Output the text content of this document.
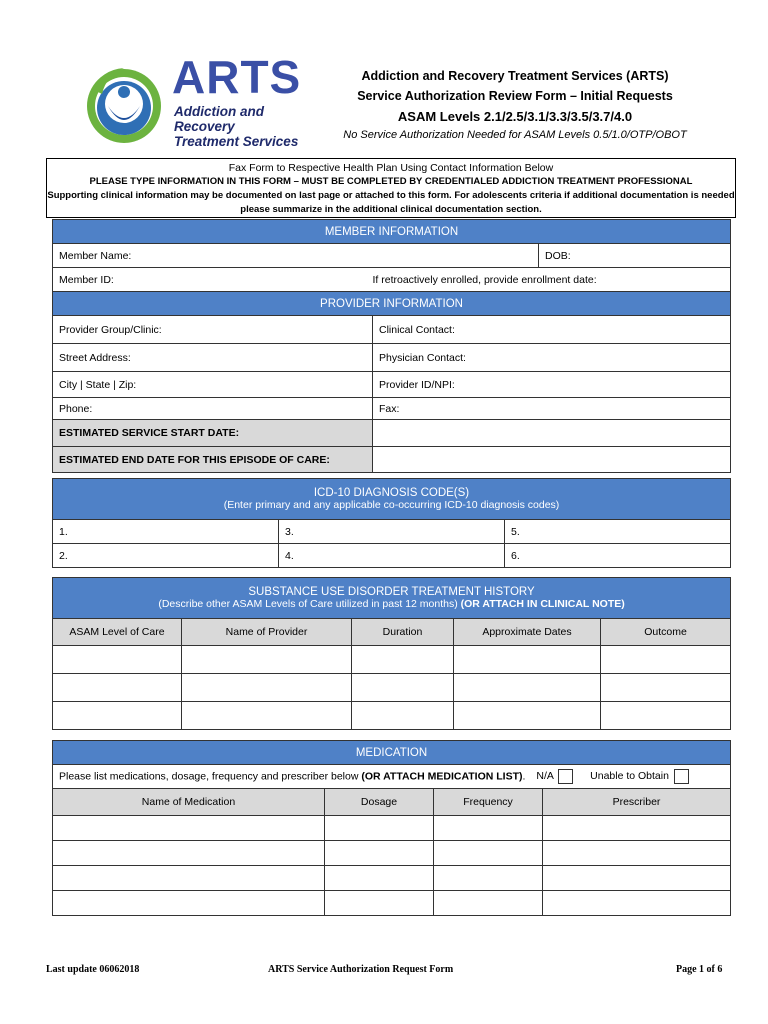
ARTS
Addiction and Recovery
Treatment Services
Addiction and Recovery Treatment Services (ARTS)
Service Authorization Review Form – Initial Requests
ASAM Levels 2.1/2.5/3.1/3.3/3.5/3.7/4.0
No Service Authorization Needed for ASAM Levels 0.5/1.0/OTP/OBOT
Fax Form to Respective Health Plan Using Contact Information Below
PLEASE TYPE INFORMATION IN THIS FORM – MUST BE COMPLETED BY CREDENTIALED ADDICTION TREATMENT PROFESSIONAL
Supporting clinical information may be documented on last page or attached to this form. For adolescents criteria if additional documentation is needed please summarize in the additional clinical documentation section.
MEMBER INFORMATION		
Member Name:		DOB:
Member ID:	If retroactively enrolled, provide enrollment date:	
PROVIDER INFORMATION		
Provider Group/Clinic:	Clinical Contact:	
Street Address:	Physician Contact:	
City | State | Zip:	Provider ID/NPI:	
Phone:	Fax:	
ESTIMATED SERVICE START DATE:		
ESTIMATED END DATE FOR THIS EPISODE OF CARE:		
ICD-10 DIAGNOSIS CODE(S)
(Enter primary and any applicable co-occurring ICD-10 diagnosis codes)		

1.	3.	5.
2.	4.	6.
SUBSTANCE USE DISORDER TREATMENT HISTORY
(Describe other ASAM Levels of Care utilized in past 12 months) (OR ATTACH IN CLINICAL NOTE)				

ASAM Level of Care	Name of Provider	Duration	Approximate Dates	Outcome

MEDICATION			
Please list medications, dosage, frequency and prescriber below (OR ATTACH MEDICATION LIST). N/A Unable to Obtain			
Name of Medication	Dosage	Frequency	Prescriber

Last update 06062018	ARTS Service Authorization Request Form	Page 1 of 6
